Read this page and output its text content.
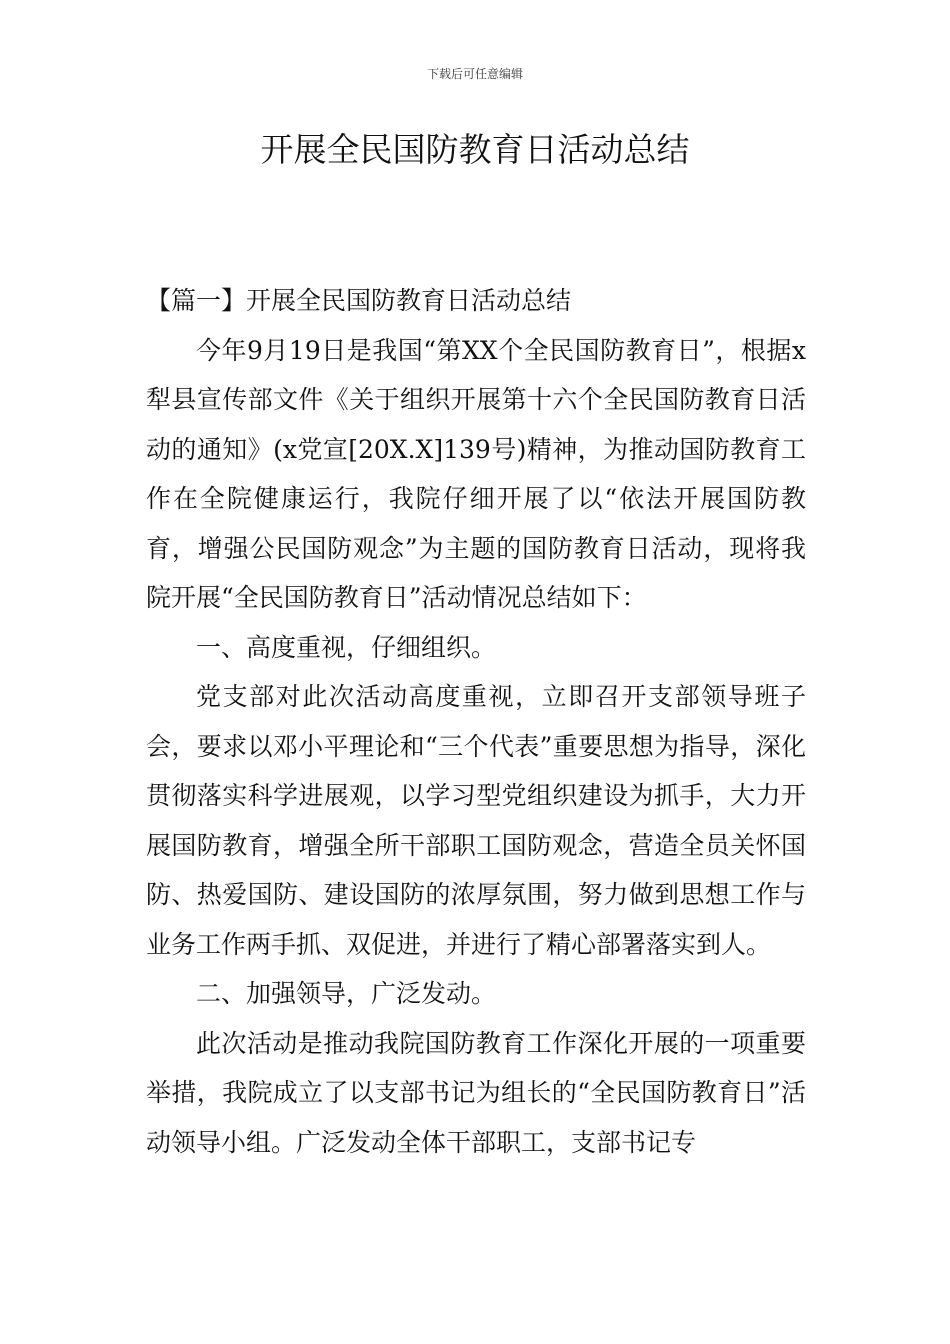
下载后可任意编辑
开展全民国防教育日活动总结

【篇一】开展全民国防教育日活动总结

今年9月19日是我国“第XX个全民国防教育日”，根据x犁县宣传部文件《关于组织开展第十六个全民国防教育日活动的通知》(x党宣[20X.X]139号)精神，为推动国防教育工作在全院健康运行，我院仔细开展了以“依法开展国防教育，增强公民国防观念”为主题的国防教育日活动，现将我院开展“全民国防教育日”活动情况总结如下：

一、高度重视，仔细组织。

党支部对此次活动高度重视，立即召开支部领导班子会，要求以邓小平理论和“三个代表”重要思想为指导，深化贯彻落实科学进展观，以学习型党组织建设为抓手，大力开展国防教育，增强全所干部职工国防观念，营造全员关怀国防、热爱国防、建设国防的浓厚氛围，努力做到思想工作与业务工作两手抓、双促进，并进行了精心部署落实到人。

二、加强领导，广泛发动。

此次活动是推动我院国防教育工作深化开展的一项重要举措，我院成立了以支部书记为组长的“全民国防教育日”活动领导小组。广泛发动全体干部职工，支部书记专
